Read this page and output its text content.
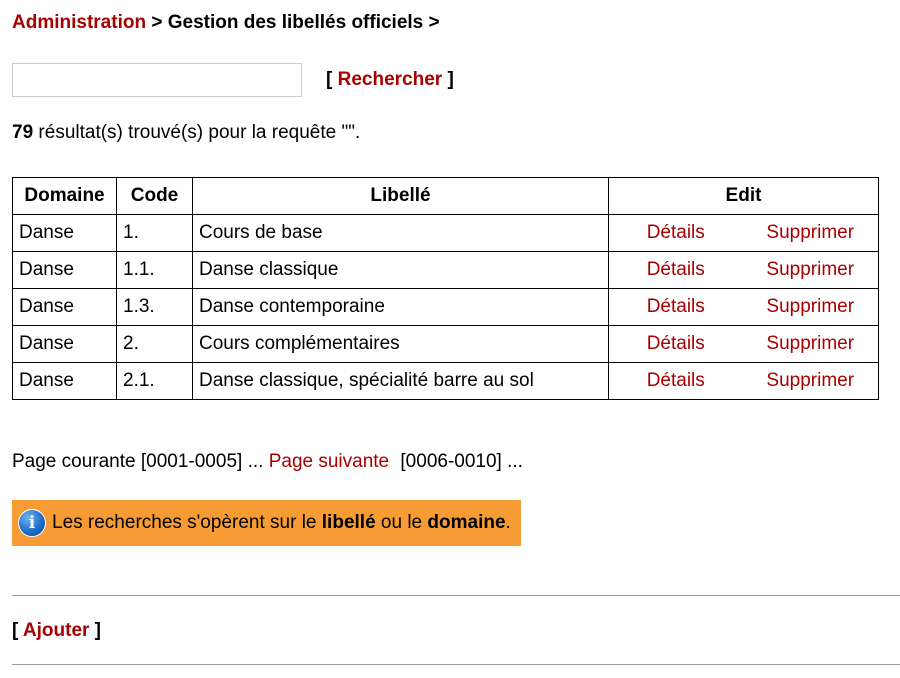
Administration > Gestion des libellés officiels >
[ Rechercher ]
79 résultat(s) trouvé(s) pour la requête "".
Domaine	Code	Libellé	Edit	
Danse	1.	Cours de base	Détails	Supprimer
Danse	1.1.	Danse classique	Détails	Supprimer
Danse	1.3.	Danse contemporaine	Détails	Supprimer
Danse	2.	Cours complémentaires	Détails	Supprimer
Danse	2.1.	Danse classique, spécialité barre au sol	Détails	Supprimer
Page courante [0001-0005] ... Page suivante [0006-0010] ...
i Les recherches s'opèrent sur le libellé ou le domaine.
[ Ajouter ]
